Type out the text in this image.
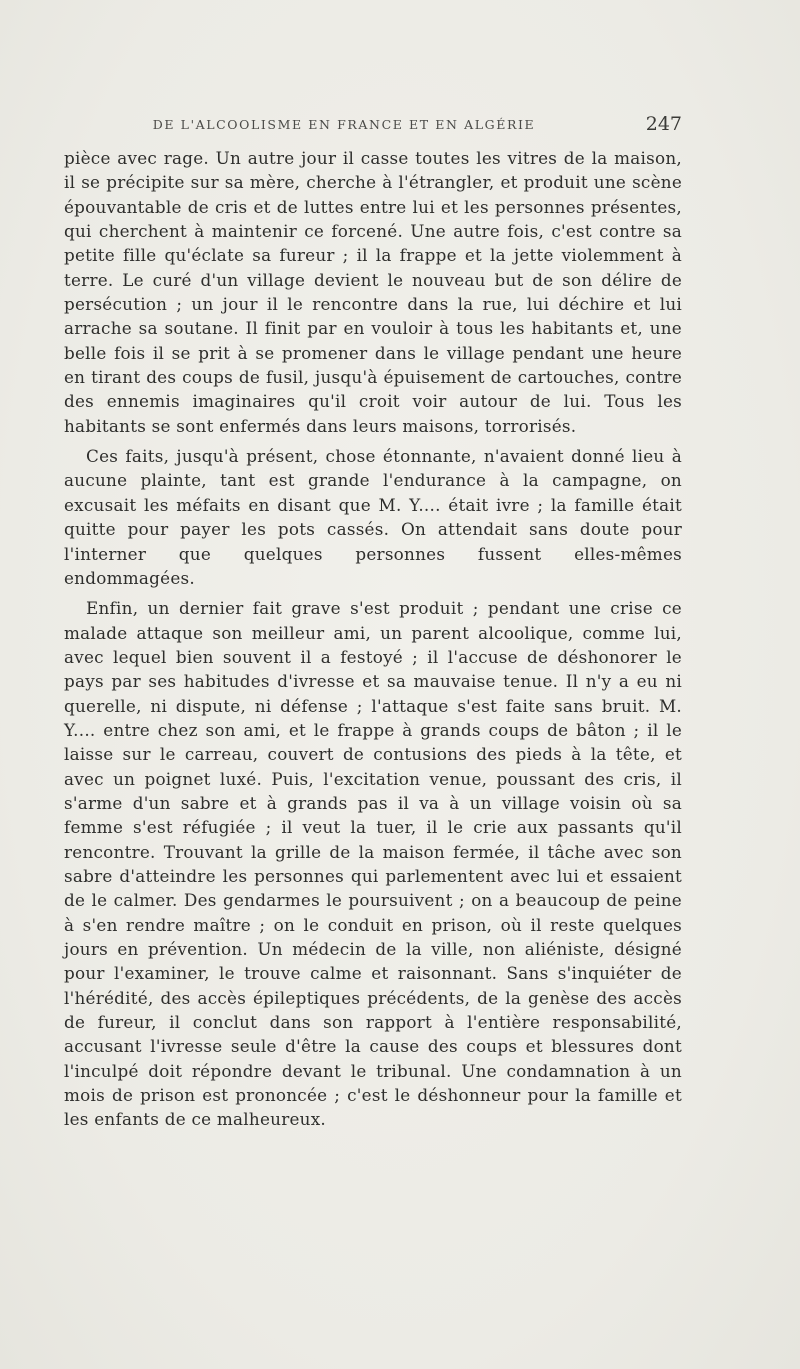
DE L'ALCOOLISME EN FRANCE ET EN ALGÉRIE	247

pièce avec rage. Un autre jour il casse toutes les vitres de la maison, il se précipite sur sa mère, cherche à l'étrangler, et produit une scène épouvantable de cris et de luttes entre lui et les personnes présentes, qui cherchent à maintenir ce forcené. Une autre fois, c'est contre sa petite fille qu'éclate sa fureur ; il la frappe et la jette violemment à terre. Le curé d'un village devient le nouveau but de son délire de persécution ; un jour il le rencontre dans la rue, lui déchire et lui arrache sa soutane. Il finit par en vouloir à tous les habitants et, une belle fois il se prit à se promener dans le village pendant une heure en tirant des coups de fusil, jusqu'à épuisement de cartouches, contre des ennemis imaginaires qu'il croit voir autour de lui. Tous les habitants se sont enfermés dans leurs maisons, torrorisés.

Ces faits, jusqu'à présent, chose étonnante, n'avaient donné lieu à aucune plainte, tant est grande l'endurance à la campagne, on excusait les méfaits en disant que M. Y.... était ivre ; la famille était quitte pour payer les pots cassés. On attendait sans doute pour l'interner que quelques personnes fussent elles-mêmes endommagées.

Enfin, un dernier fait grave s'est produit ; pendant une crise ce malade attaque son meilleur ami, un parent alcoolique, comme lui, avec lequel bien souvent il a festoyé ; il l'accuse de déshonorer le pays par ses habitudes d'ivresse et sa mauvaise tenue. Il n'y a eu ni querelle, ni dispute, ni défense ; l'attaque s'est faite sans bruit. M. Y.... entre chez son ami, et le frappe à grands coups de bâton ; il le laisse sur le carreau, couvert de contusions des pieds à la tête, et avec un poignet luxé. Puis, l'excitation venue, poussant des cris, il s'arme d'un sabre et à grands pas il va à un village voisin où sa femme s'est réfugiée ; il veut la tuer, il le crie aux passants qu'il rencontre. Trouvant la grille de la maison fermée, il tâche avec son sabre d'atteindre les personnes qui parlementent avec lui et essaient de le calmer. Des gendarmes le poursuivent ; on a beaucoup de peine à s'en rendre maître ; on le conduit en prison, où il reste quelques jours en prévention. Un médecin de la ville, non aliéniste, désigné pour l'examiner, le trouve calme et raisonnant. Sans s'inquiéter de l'hérédité, des accès épileptiques précédents, de la genèse des accès de fureur, il conclut dans son rapport à l'entière responsabilité, accusant l'ivresse seule d'être la cause des coups et blessures dont l'inculpé doit répondre devant le tribunal. Une condamnation à un mois de prison est prononcée ; c'est le déshonneur pour la famille et les enfants de ce malheureux.
